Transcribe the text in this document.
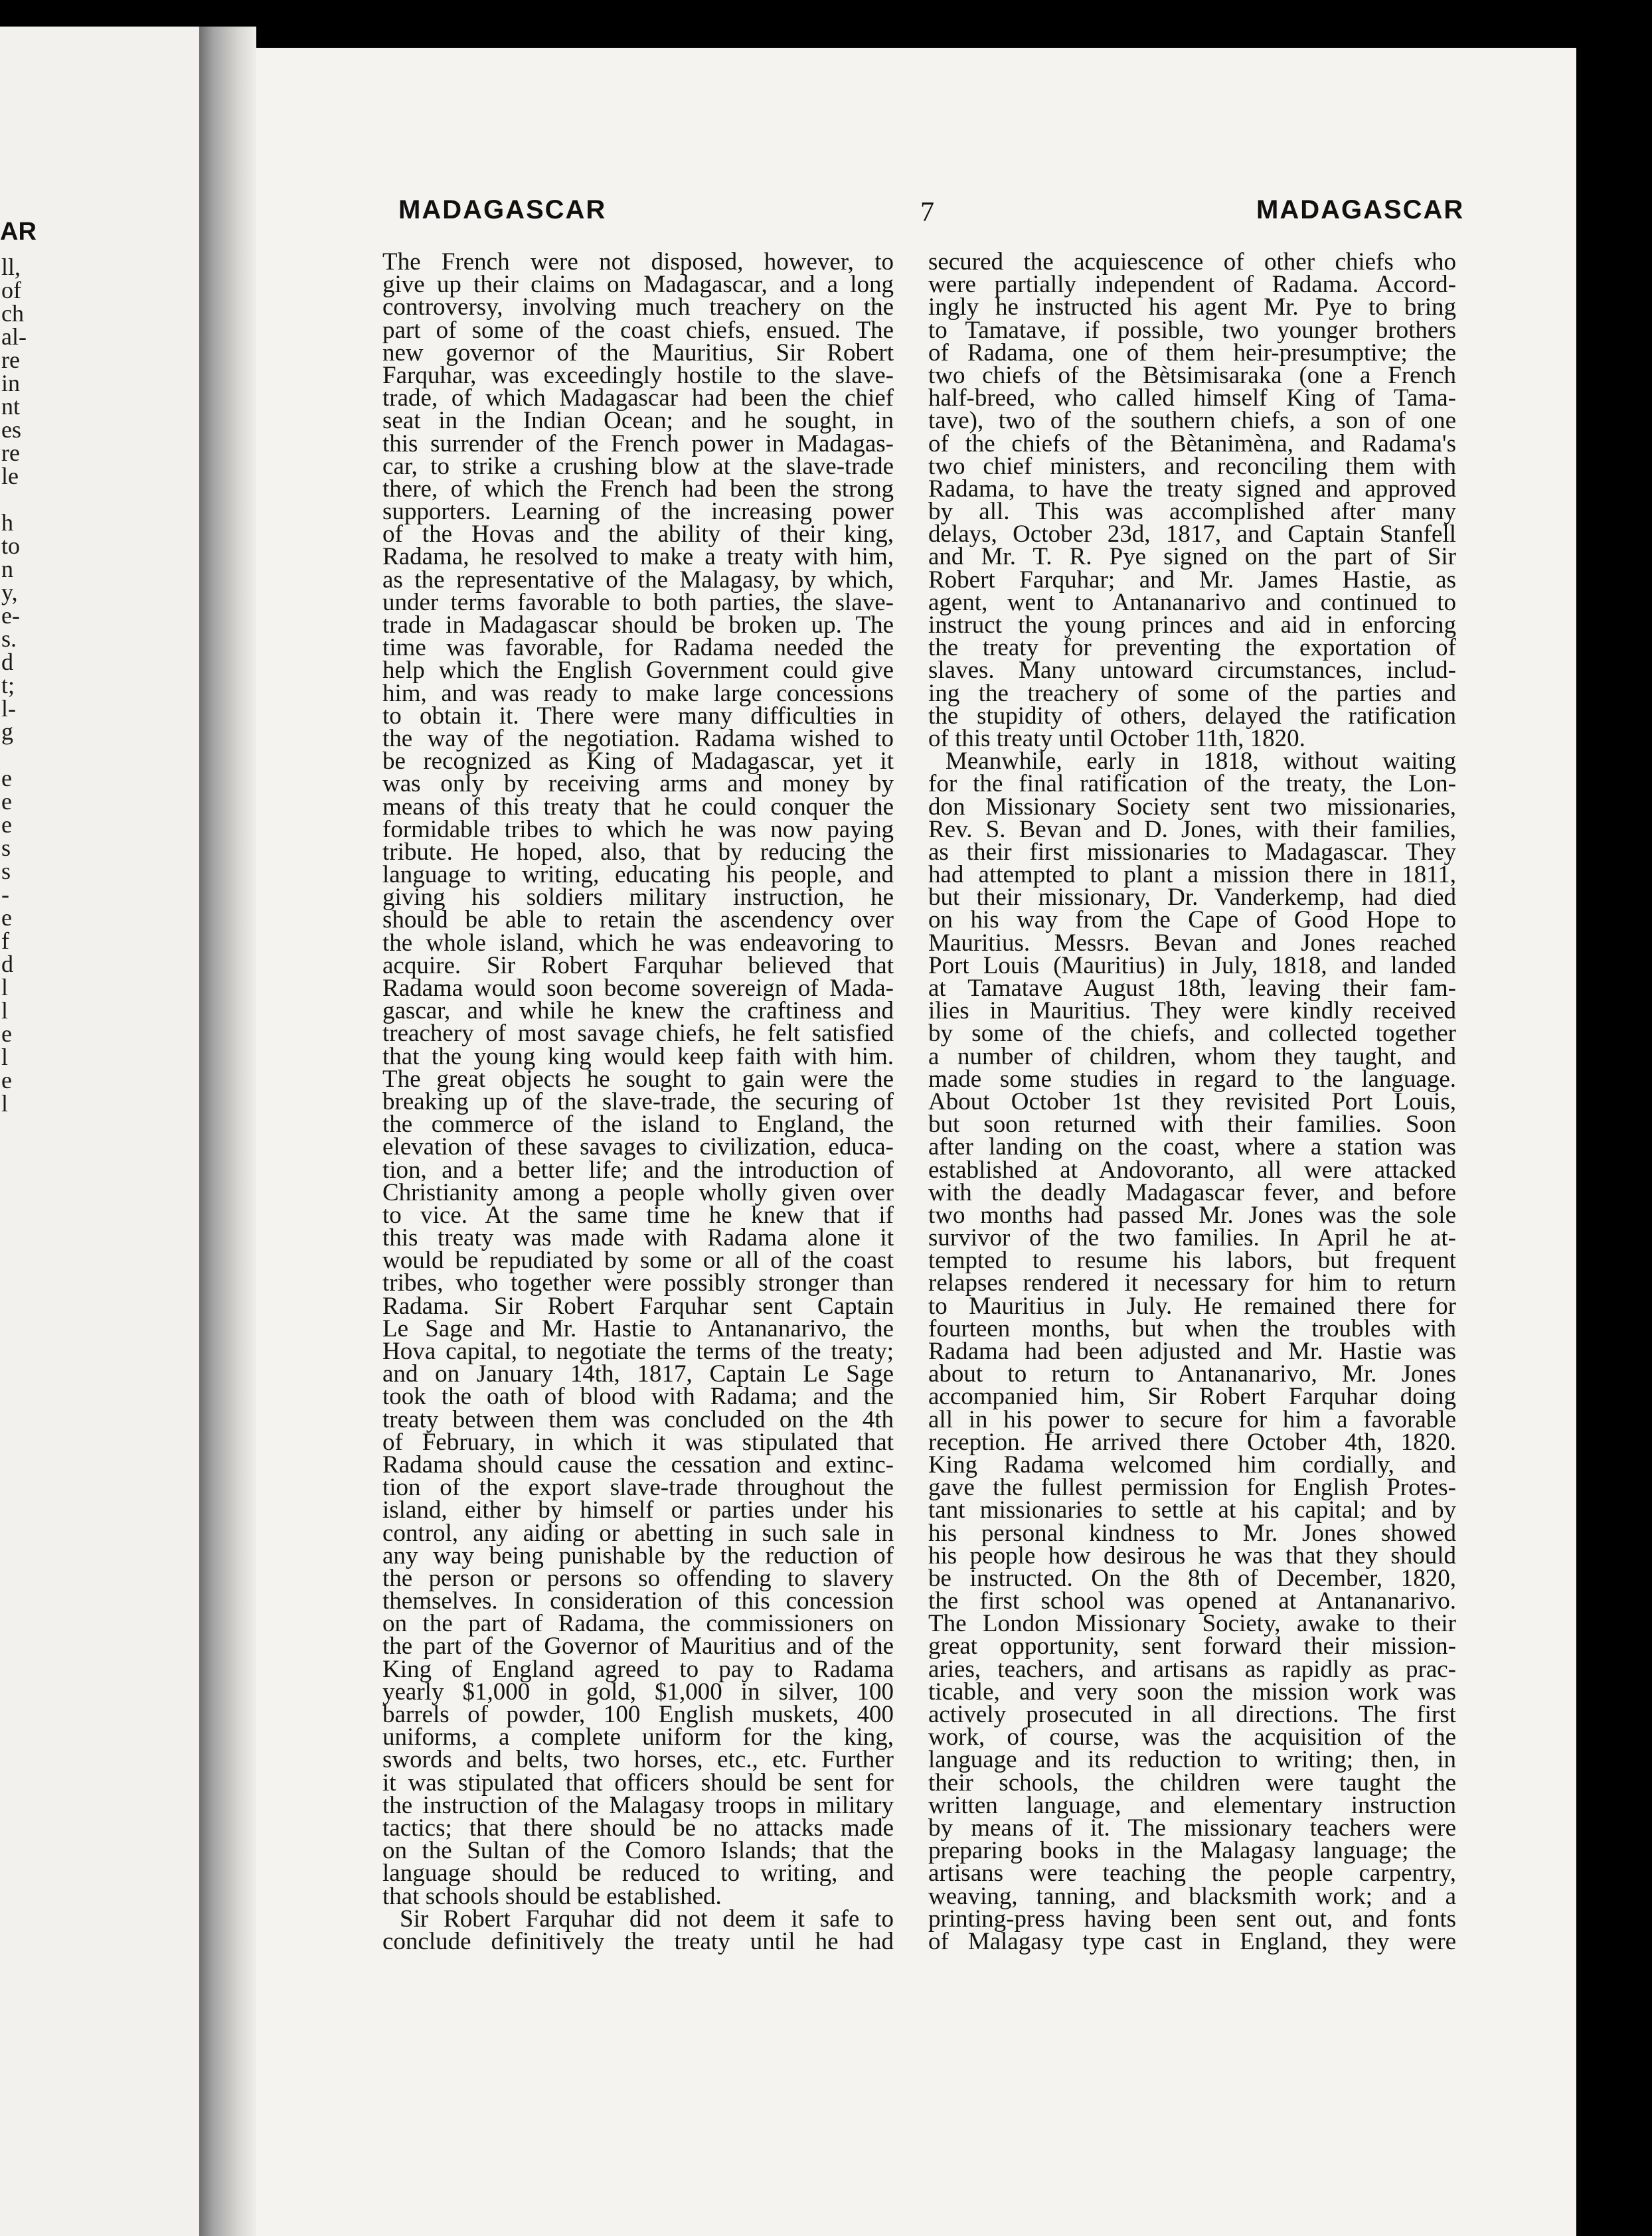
AR
ll,
of
ch
al-
re
in
nt
es
re
le
h
to
n
y,
e-
s.
d
t;
l-
g
e
e
e
s
s
-
e
f
d
l
l
e
l
e
l
MADAGASCAR	7	MADAGASCAR
The French were not disposed, however, to
give up their claims on Madagascar, and a long
controversy, involving much treachery on the
part of some of the coast chiefs, ensued. The
new governor of the Mauritius, Sir Robert
Farquhar, was exceedingly hostile to the slave-
trade, of which Madagascar had been the chief
seat in the Indian Ocean; and he sought, in
this surrender of the French power in Madagas-
car, to strike a crushing blow at the slave-trade
there, of which the French had been the strong
supporters. Learning of the increasing power
of the Hovas and the ability of their king,
Radama, he resolved to make a treaty with him,
as the representative of the Malagasy, by which,
under terms favorable to both parties, the slave-
trade in Madagascar should be broken up. The
time was favorable, for Radama needed the
help which the English Government could give
him, and was ready to make large concessions
to obtain it. There were many difficulties in
the way of the negotiation. Radama wished to
be recognized as King of Madagascar, yet it
was only by receiving arms and money by
means of this treaty that he could conquer the
formidable tribes to which he was now paying
tribute. He hoped, also, that by reducing the
language to writing, educating his people, and
giving his soldiers military instruction, he
should be able to retain the ascendency over
the whole island, which he was endeavoring to
acquire. Sir Robert Farquhar believed that
Radama would soon become sovereign of Mada-
gascar, and while he knew the craftiness and
treachery of most savage chiefs, he felt satisfied
that the young king would keep faith with him.
The great objects he sought to gain were the
breaking up of the slave-trade, the securing of
the commerce of the island to England, the
elevation of these savages to civilization, educa-
tion, and a better life; and the introduction of
Christianity among a people wholly given over
to vice. At the same time he knew that if
this treaty was made with Radama alone it
would be repudiated by some or all of the coast
tribes, who together were possibly stronger than
Radama. Sir Robert Farquhar sent Captain
Le Sage and Mr. Hastie to Antananarivo, the
Hova capital, to negotiate the terms of the treaty;
and on January 14th, 1817, Captain Le Sage
took the oath of blood with Radama; and the
treaty between them was concluded on the 4th
of February, in which it was stipulated that
Radama should cause the cessation and extinc-
tion of the export slave-trade throughout the
island, either by himself or parties under his
control, any aiding or abetting in such sale in
any way being punishable by the reduction of
the person or persons so offending to slavery
themselves. In consideration of this concession
on the part of Radama, the commissioners on
the part of the Governor of Mauritius and of the
King of England agreed to pay to Radama
yearly $1,000 in gold, $1,000 in silver, 100
barrels of powder, 100 English muskets, 400
uniforms, a complete uniform for the king,
swords and belts, two horses, etc., etc. Further
it was stipulated that officers should be sent for
the instruction of the Malagasy troops in military
tactics; that there should be no attacks made
on the Sultan of the Comoro Islands; that the
language should be reduced to writing, and
that schools should be established.
Sir Robert Farquhar did not deem it safe to
conclude definitively the treaty until he had
secured the acquiescence of other chiefs who
were partially independent of Radama. Accord-
ingly he instructed his agent Mr. Pye to bring
to Tamatave, if possible, two younger brothers
of Radama, one of them heir-presumptive; the
two chiefs of the Bètsimisaraka (one a French
half-breed, who called himself King of Tama-
tave), two of the southern chiefs, a son of one
of the chiefs of the Bètanimèna, and Radama's
two chief ministers, and reconciling them with
Radama, to have the treaty signed and approved
by all. This was accomplished after many
delays, October 23d, 1817, and Captain Stanfell
and Mr. T. R. Pye signed on the part of Sir
Robert Farquhar; and Mr. James Hastie, as
agent, went to Antananarivo and continued to
instruct the young princes and aid in enforcing
the treaty for preventing the exportation of
slaves. Many untoward circumstances, includ-
ing the treachery of some of the parties and
the stupidity of others, delayed the ratification
of this treaty until October 11th, 1820.
Meanwhile, early in 1818, without waiting
for the final ratification of the treaty, the Lon-
don Missionary Society sent two missionaries,
Rev. S. Bevan and D. Jones, with their families,
as their first missionaries to Madagascar. They
had attempted to plant a mission there in 1811,
but their missionary, Dr. Vanderkemp, had died
on his way from the Cape of Good Hope to
Mauritius. Messrs. Bevan and Jones reached
Port Louis (Mauritius) in July, 1818, and landed
at Tamatave August 18th, leaving their fam-
ilies in Mauritius. They were kindly received
by some of the chiefs, and collected together
a number of children, whom they taught, and
made some studies in regard to the language.
About October 1st they revisited Port Louis,
but soon returned with their families. Soon
after landing on the coast, where a station was
established at Andovoranto, all were attacked
with the deadly Madagascar fever, and before
two months had passed Mr. Jones was the sole
survivor of the two families. In April he at-
tempted to resume his labors, but frequent
relapses rendered it necessary for him to return
to Mauritius in July. He remained there for
fourteen months, but when the troubles with
Radama had been adjusted and Mr. Hastie was
about to return to Antananarivo, Mr. Jones
accompanied him, Sir Robert Farquhar doing
all in his power to secure for him a favorable
reception. He arrived there October 4th, 1820.
King Radama welcomed him cordially, and
gave the fullest permission for English Protes-
tant missionaries to settle at his capital; and by
his personal kindness to Mr. Jones showed
his people how desirous he was that they should
be instructed. On the 8th of December, 1820,
the first school was opened at Antananarivo.
The London Missionary Society, awake to their
great opportunity, sent forward their mission-
aries, teachers, and artisans as rapidly as prac-
ticable, and very soon the mission work was
actively prosecuted in all directions. The first
work, of course, was the acquisition of the
language and its reduction to writing; then, in
their schools, the children were taught the
written language, and elementary instruction
by means of it. The missionary teachers were
preparing books in the Malagasy language; the
artisans were teaching the people carpentry,
weaving, tanning, and blacksmith work; and a
printing-press having been sent out, and fonts
of Malagasy type cast in England, they were
